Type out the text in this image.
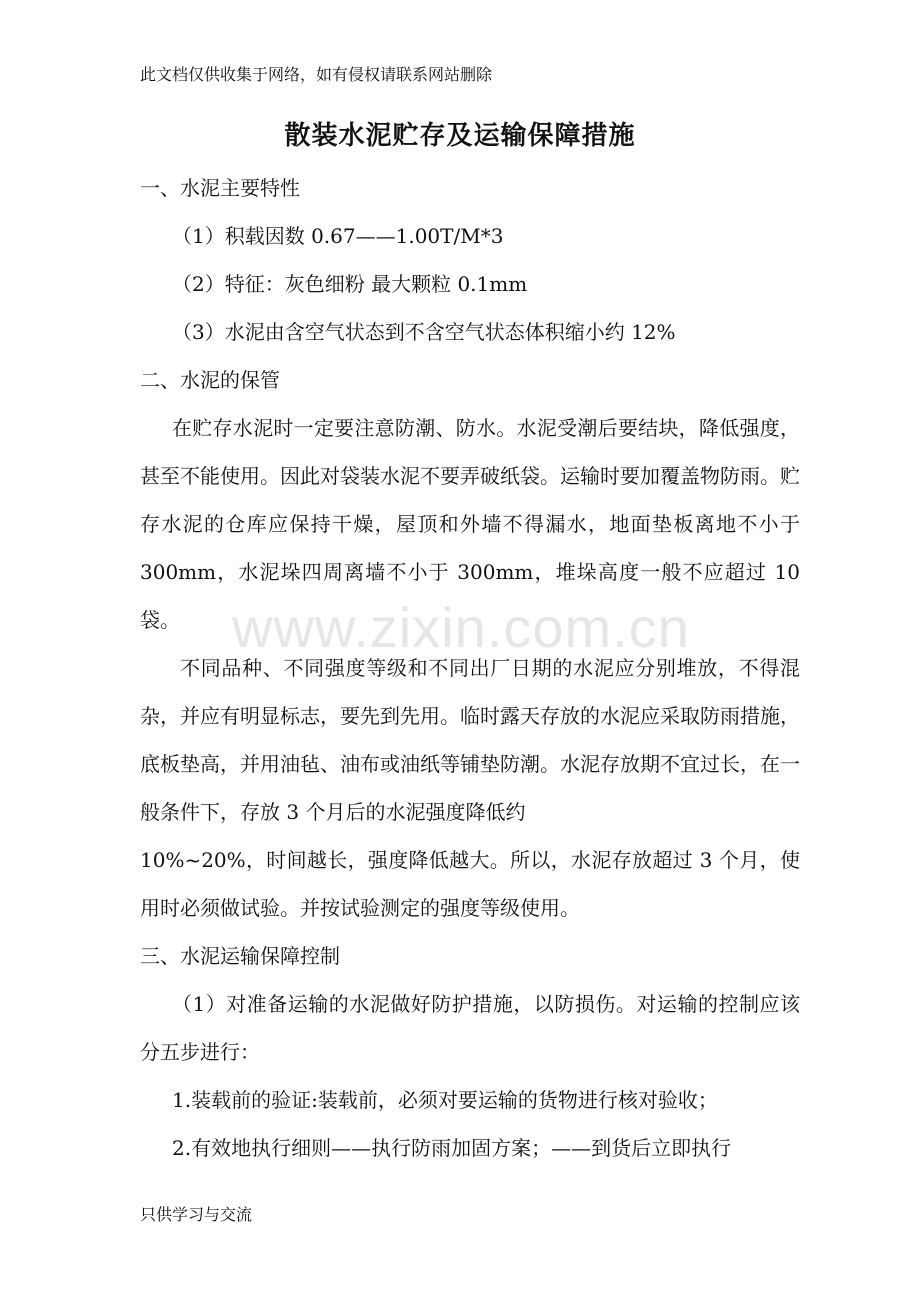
此文档仅供收集于网络，如有侵权请联系网站删除
散装水泥贮存及运输保障措施
一、水泥主要特性
（1）积载因数 0.67——1.00T/M*3
（2）特征：灰色细粉 最大颗粒 0.1mm
（3）水泥由含空气状态到不含空气状态体积缩小约 12%
二、水泥的保管
在贮存水泥时一定要注意防潮、防水。水泥受潮后要结块，降低强度，甚至不能使用。因此对袋装水泥不要弄破纸袋。运输时要加覆盖物防雨。贮存水泥的仓库应保持干燥，屋顶和外墙不得漏水，地面垫板离地不小于 300mm，水泥垛四周离墙不小于 300mm，堆垛高度一般不应超过 10 袋。
不同品种、不同强度等级和不同出厂日期的水泥应分别堆放，不得混杂，并应有明显标志，要先到先用。临时露天存放的水泥应采取防雨措施，底板垫高，并用油毡、油布或油纸等铺垫防潮。水泥存放期不宜过长，在一般条件下，存放 3 个月后的水泥强度降低约
10%~20%，时间越长，强度降低越大。所以，水泥存放超过 3 个月，使用时必须做试验。并按试验测定的强度等级使用。
三、水泥运输保障控制
（1）对准备运输的水泥做好防护措施，以防损伤。对运输的控制应该分五步进行：
1.装载前的验证:装载前，必须对要运输的货物进行核对验收；
2.有效地执行细则——执行防雨加固方案；——到货后立即执行
www.zixin.com.cn
只供学习与交流
